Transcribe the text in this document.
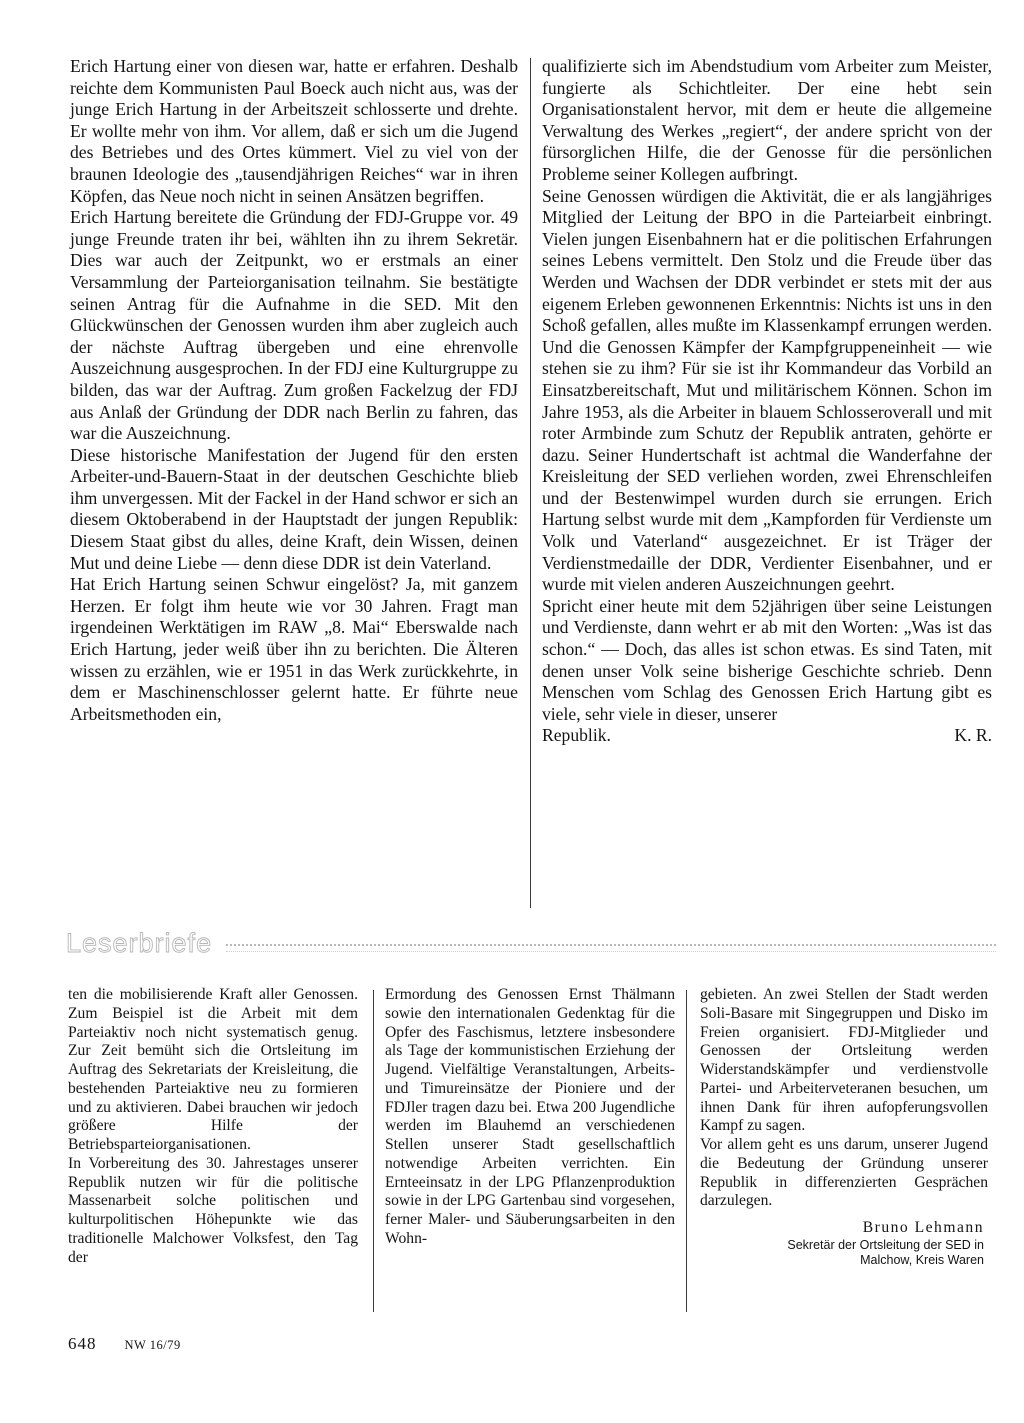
Erich Hartung einer von diesen war, hatte er erfahren. Deshalb reichte dem Kommunisten Paul Boeck auch nicht aus, was der junge Erich Hartung in der Arbeitszeit schlosserte und drehte. Er wollte mehr von ihm. Vor allem, daß er sich um die Jugend des Betriebes und des Ortes kümmert. Viel zu viel von der braunen Ideologie des „tausendjährigen Reiches“ war in ihren Köpfen, das Neue noch nicht in seinen Ansätzen begriffen.

Erich Hartung bereitete die Gründung der FDJ-Gruppe vor. 49 junge Freunde traten ihr bei, wählten ihn zu ihrem Sekretär. Dies war auch der Zeitpunkt, wo er erstmals an einer Versammlung der Parteiorganisation teilnahm. Sie bestätigte seinen Antrag für die Aufnahme in die SED. Mit den Glückwünschen der Genossen wurden ihm aber zugleich auch der nächste Auftrag übergeben und eine ehrenvolle Auszeichnung ausgesprochen. In der FDJ eine Kulturgruppe zu bilden, das war der Auftrag. Zum großen Fackelzug der FDJ aus Anlaß der Gründung der DDR nach Berlin zu fahren, das war die Auszeichnung.

Diese historische Manifestation der Jugend für den ersten Arbeiter-und-Bauern-Staat in der deutschen Geschichte blieb ihm unvergessen. Mit der Fackel in der Hand schwor er sich an diesem Oktoberabend in der Hauptstadt der jungen Republik: Diesem Staat gibst du alles, deine Kraft, dein Wissen, deinen Mut und deine Liebe — denn diese DDR ist dein Vaterland.

Hat Erich Hartung seinen Schwur eingelöst? Ja, mit ganzem Herzen. Er folgt ihm heute wie vor 30 Jahren. Fragt man irgendeinen Werktätigen im RAW „8. Mai“ Eberswalde nach Erich Hartung, jeder weiß über ihn zu berichten. Die Älteren wissen zu erzählen, wie er 1951 in das Werk zurückkehrte, in dem er Maschinenschlosser gelernt hatte. Er führte neue Arbeitsmethoden ein,

qualifizierte sich im Abendstudium vom Arbeiter zum Meister, fungierte als Schichtleiter. Der eine hebt sein Organisationstalent hervor, mit dem er heute die allgemeine Verwaltung des Werkes „regiert“, der andere spricht von der fürsorglichen Hilfe, die der Genosse für die persönlichen Probleme seiner Kollegen aufbringt.

Seine Genossen würdigen die Aktivität, die er als langjähriges Mitglied der Leitung der BPO in die Parteiarbeit einbringt. Vielen jungen Eisenbahnern hat er die politischen Erfahrungen seines Lebens vermittelt. Den Stolz und die Freude über das Werden und Wachsen der DDR verbindet er stets mit der aus eigenem Erleben gewonnenen Erkenntnis: Nichts ist uns in den Schoß gefallen, alles mußte im Klassenkampf errungen werden.

Und die Genossen Kämpfer der Kampfgruppeneinheit — wie stehen sie zu ihm? Für sie ist ihr Kommandeur das Vorbild an Einsatzbereitschaft, Mut und militärischem Können. Schon im Jahre 1953, als die Arbeiter in blauem Schlosseroverall und mit roter Armbinde zum Schutz der Republik antraten, gehörte er dazu. Seiner Hundertschaft ist achtmal die Wanderfahne der Kreisleitung der SED verliehen worden, zwei Ehrenschleifen und der Bestenwimpel wurden durch sie errungen. Erich Hartung selbst wurde mit dem „Kampforden für Verdienste um Volk und Vaterland“ ausgezeichnet. Er ist Träger der Verdienstmedaille der DDR, Verdienter Eisenbahner, und er wurde mit vielen anderen Auszeichnungen geehrt.

Spricht einer heute mit dem 52jährigen über seine Leistungen und Verdienste, dann wehrt er ab mit den Worten: „Was ist das schon.“ — Doch, das alles ist schon etwas. Es sind Taten, mit denen unser Volk seine bisherige Geschichte schrieb. Denn Menschen vom Schlag des Genossen Erich Hartung gibt es viele, sehr viele in dieser, unserer

Republik.	K. R.
Leserbriefe

ten die mobilisierende Kraft aller Genossen. Zum Beispiel ist die Arbeit mit dem Parteiaktiv noch nicht systematisch genug. Zur Zeit bemüht sich die Ortsleitung im Auftrag des Sekretariats der Kreisleitung, die bestehenden Parteiaktive neu zu formieren und zu aktivieren. Dabei brauchen wir jedoch größere Hilfe der Betriebsparteiorganisationen.

In Vorbereitung des 30. Jahrestages unserer Republik nutzen wir für die politische Massenarbeit solche politischen und kulturpolitischen Höhepunkte wie das traditionelle Malchower Volksfest, den Tag der

Ermordung des Genossen Ernst Thälmann sowie den internationalen Gedenktag für die Opfer des Faschismus, letztere insbesondere als Tage der kommunistischen Erziehung der Jugend. Vielfältige Veranstaltungen, Arbeits- und Timureinsätze der Pioniere und der FDJler tragen dazu bei. Etwa 200 Jugendliche werden im Blauhemd an verschiedenen Stellen unserer Stadt gesellschaftlich notwendige Arbeiten verrichten. Ein Ernteeinsatz in der LPG Pflanzenproduktion sowie in der LPG Gartenbau sind vorgesehen, ferner Maler- und Säuberungsarbeiten in den Wohn-

gebieten. An zwei Stellen der Stadt werden Soli-Basare mit Singegruppen und Disko im Freien organisiert. FDJ-Mitglieder und Genossen der Ortsleitung werden Widerstandskämpfer und verdienstvolle Partei- und Arbeiterveteranen besuchen, um ihnen Dank für ihren aufopferungsvollen Kampf zu sagen.

Vor allem geht es uns darum, unserer Jugend die Bedeutung der Gründung unserer Republik in differenzierten Gesprächen darzulegen.

Bruno Lehmann
Sekretär der Ortsleitung der SED in
Malchow, Kreis Waren
648 NW 16/79
